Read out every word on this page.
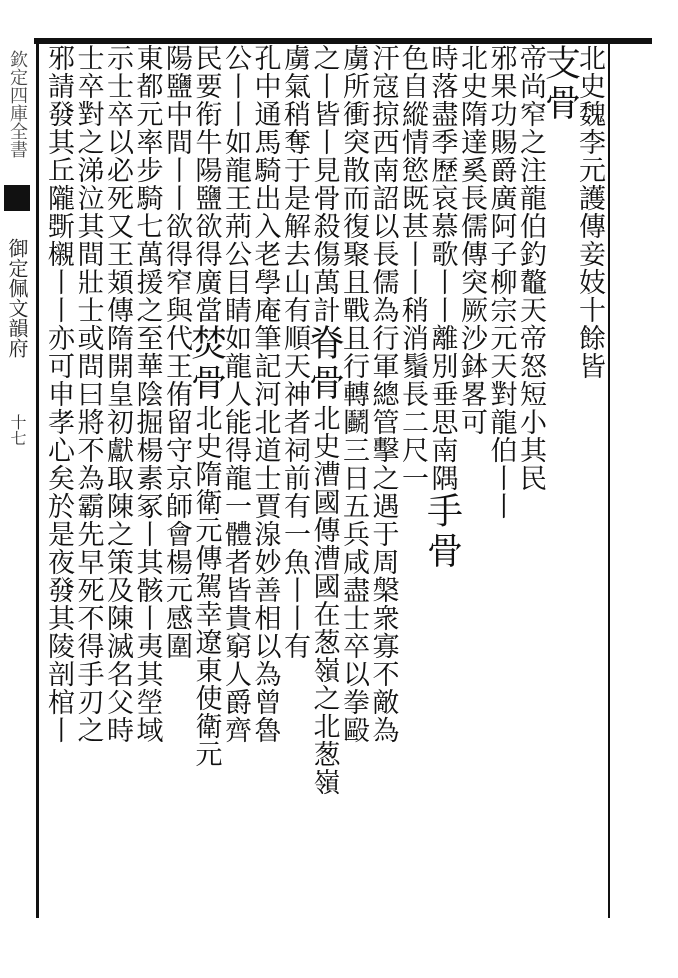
欽定四庫全書  御定佩文韻府  十七
北史魏李元護傳妾妓十餘皆
支骨
帝尚窄之注龍伯釣鼇天帝怒短小其民
邪果功賜爵廣阿子柳宗元天對龍伯丨丨
北史隋達奚長儒傳突厥沙鉢畧可
時落盡季歷哀慕歌丨丨離別垂思南隅手骨
色自縱情慾既甚丨丨稍消鬚長二尺一
汗寇掠西南詔以長儒為行軍總管擊之遇于周槃衆寡不敵為
虜所衝突散而復聚且戰且行轉鬬三日五兵咸盡士卒以拳毆
之丨皆丨見骨殺傷萬計脊骨北史漕國傳漕國在葱嶺之北葱嶺
虜氣稍奪于是解去山有順天神者祠前有一魚丨丨有
孔中通馬騎出入老學庵筆記河北道士賈湶妙善相以為曾魯
公丨丨如龍王荊公目睛如龍人能得龍一體者皆貴窮人爵齊
民要衔牛陽鹽欲得廣當焚骨北史隋衛元傳駕幸遼東使衛元
陽鹽中間丨丨欲得窄與代王侑留守京師會楊元感圍
東都元率步騎七萬援之至華陰掘楊素冢丨其骸丨夷其塋域
示士卒以必死又王頍傳隋開皇初獻取陳之策及陳滅名父時
士卒對之涕泣其間壯士或問曰將不為霸先早死不得手刃之
邪請發其丘隴斲櫬丨丨亦可申孝心矣於是夜發其陵剖棺丨
